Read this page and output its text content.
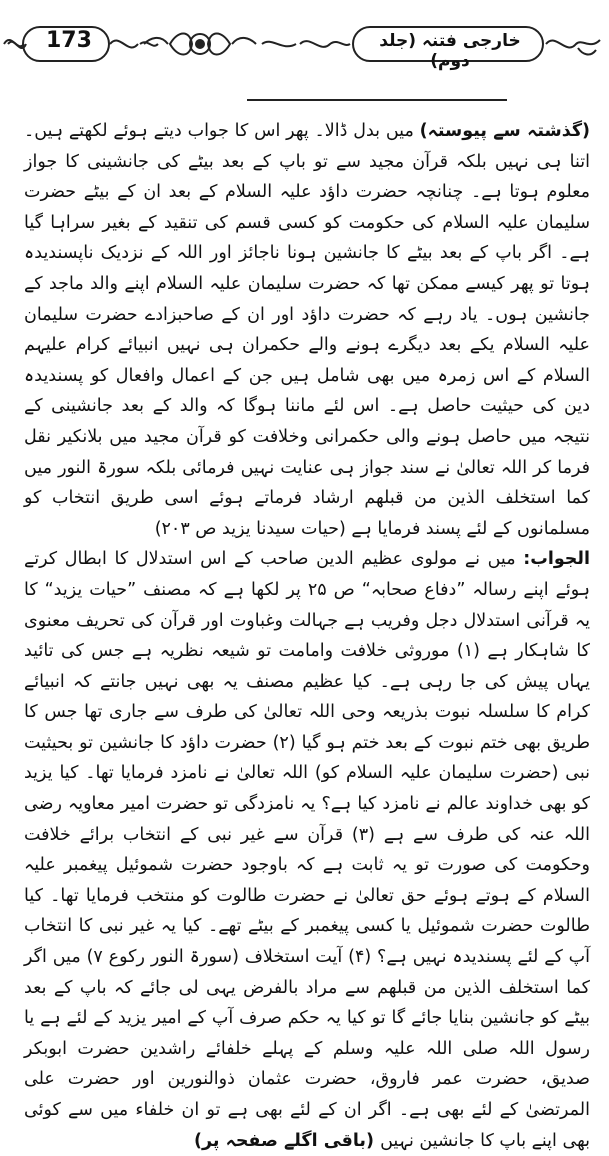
173	خارجی فتنہ (جلد دوم)

(گذشتہ سے پیوستہ) میں بدل ڈالا۔ پھر اس کا جواب دیتے ہوئے لکھتے ہیں۔ اتنا ہی نہیں بلکہ قرآن مجید سے تو باپ کے بعد بیٹے کی جانشینی کا جواز معلوم ہوتا ہے۔ چنانچہ حضرت داؤد علیہ السلام کے بعد ان کے بیٹے حضرت سلیمان علیہ السلام کی حکومت کو کسی قسم کی تنقید کے بغیر سراہا گیا ہے۔ اگر باپ کے بعد بیٹے کا جانشین ہونا ناجائز اور اللہ کے نزدیک ناپسندیدہ ہوتا تو پھر کیسے ممکن تھا کہ حضرت سلیمان علیہ السلام اپنے والد ماجد کے جانشین ہوں۔ یاد رہے کہ حضرت داؤد اور ان کے صاحبزادے حضرت سلیمان علیہ السلام یکے بعد دیگرے ہونے والے حکمران ہی نہیں انبیائے کرام علیہم السلام کے اس زمرہ میں بھی شامل ہیں جن کے اعمال وافعال کو پسندیدہ دین کی حیثیت حاصل ہے۔ اس لئے ماننا ہوگا کہ والد کے بعد جانشینی کے نتیجہ میں حاصل ہونے والی حکمرانی وخلافت کو قرآن مجید میں بلانکیر نقل فرما کر اللہ تعالیٰ نے سند جواز ہی عنایت نہیں فرمائی بلکہ سورۃ النور میں کما استخلف الذین من قبلھم ارشاد فرماتے ہوئے اسی طریق انتخاب کو مسلمانوں کے لئے پسند فرمایا ہے (حیات سیدنا یزید ص ۲۰۳)

الجواب: میں نے مولوی عظیم الدین صاحب کے اس استدلال کا ابطال کرتے ہوئے اپنے رسالہ ”دفاع صحابہ“ ص ۲۵ پر لکھا ہے کہ مصنف ”حیات یزید“ کا یہ قرآنی استدلال دجل وفریب ہے جہالت وغباوت اور قرآن کی تحریف معنوی کا شاہکار ہے (۱) موروثی خلافت وامامت تو شیعہ نظریہ ہے جس کی تائید یہاں پیش کی جا رہی ہے۔ کیا عظیم مصنف یہ بھی نہیں جانتے کہ انبیائے کرام کا سلسلہ نبوت بذریعہ وحی اللہ تعالیٰ کی طرف سے جاری تھا جس کا طریق بھی ختم نبوت کے بعد ختم ہو گیا (۲) حضرت داؤد کا جانشین تو بحیثیت نبی (حضرت سلیمان علیہ السلام کو) اللہ تعالیٰ نے نامزد فرمایا تھا۔ کیا یزید کو بھی خداوند عالم نے نامزد کیا ہے؟ یہ نامزدگی تو حضرت امیر معاویہ رضی اللہ عنہ کی طرف سے ہے (۳) قرآن سے غیر نبی کے انتخاب برائے خلافت وحکومت کی صورت تو یہ ثابت ہے کہ باوجود حضرت شموئیل پیغمبر علیہ السلام کے ہوتے ہوئے حق تعالیٰ نے حضرت طالوت کو منتخب فرمایا تھا۔ کیا طالوت حضرت شموئیل یا کسی پیغمبر کے بیٹے تھے۔ کیا یہ غیر نبی کا انتخاب آپ کے لئے پسندیدہ نہیں ہے؟ (۴) آیت استخلاف (سورۃ النور رکوع ۷) میں اگر کما استخلف الذین من قبلھم سے مراد بالفرض یہی لی جائے کہ باپ کے بعد بیٹے کو جانشین بنایا جائے گا تو کیا یہ حکم صرف آپ کے امیر یزید کے لئے ہے یا رسول اللہ صلی اللہ علیہ وسلم کے پہلے خلفائے راشدین حضرت ابوبکر صدیق، حضرت عمر فاروق، حضرت عثمان ذوالنورین اور حضرت علی المرتضیٰ کے لئے بھی ہے۔ اگر ان کے لئے بھی ہے تو ان خلفاء میں سے کوئی بھی اپنے باپ کا جانشین نہیں (باقی اگلے صفحہ پر)
